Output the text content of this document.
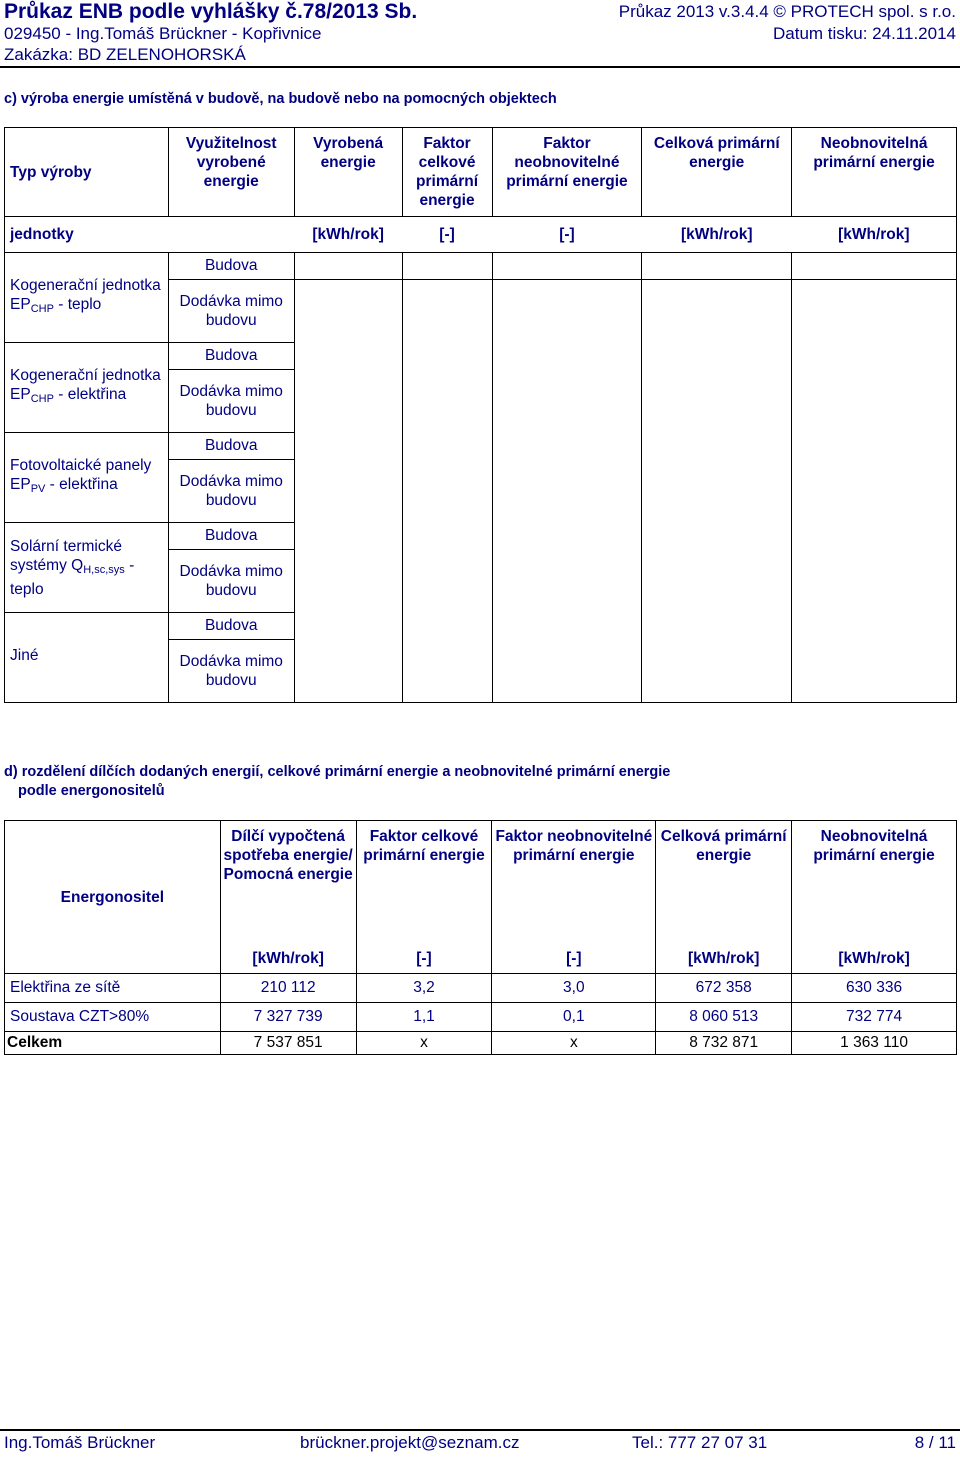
Průkaz ENB podle vyhlášky č.78/2013 Sb.	Průkaz 2013 v.3.4.4 © PROTECH spol. s r.o.
029450 - Ing.Tomáš Brückner - Kopřivnice	Datum tisku: 24.11.2014
Zakázka: BD ZELENOHORSKÁ
c) výroba energie umístěná v budově, na budově nebo na pomocných objektech
Typ výroby	Využitelnost vyrobené energie	Vyrobená energie	Faktor celkové primární energie	Faktor neobnovitelné primární energie	Celková primární energie	Neobnovitelná primární energie
jednotky		[kWh/rok]	[-]	[-]	[kWh/rok]	[kWh/rok]
Kogenerační jednotka $EP_{CHP}$ - teplo	Budova					
	Dodávka mimo budovu					
Kogenerační jednotka $EP_{CHP}$ - elektřina	Budova					
	Dodávka mimo budovu					
Fotovoltaické panely $EP_{PV}$ - elektřina	Budova					
	Dodávka mimo budovu					
Solární termické systémy $Q_{H,sc,sys}$ - teplo	Budova					
	Dodávka mimo budovu					
Jiné	Budova					
	Dodávka mimo budovu					
d) rozdělení dílčích dodaných energií, celkové primární energie a neobnovitelné primární energie
podle energonositelů
Energonositel	Dílčí vypočtená spotřeba energie/ Pomocná energie	Faktor celkové primární energie	Faktor neobnovitelné primární energie	Celková primární energie	Neobnovitelná primární energie
	[kWh/rok]	[-]	[-]	[kWh/rok]	[kWh/rok]
Elektřina ze sítě	210 112	3,2	3,0	672 358	630 336
Soustava CZT>80%	7 327 739	1,1	0,1	8 060 513	732 774
Celkem	7 537 851	x	x	8 732 871	1 363 110
Ing.Tomáš Brückner	brückner.projekt@seznam.cz	Tel.: 777 27 07 31	8 / 11
